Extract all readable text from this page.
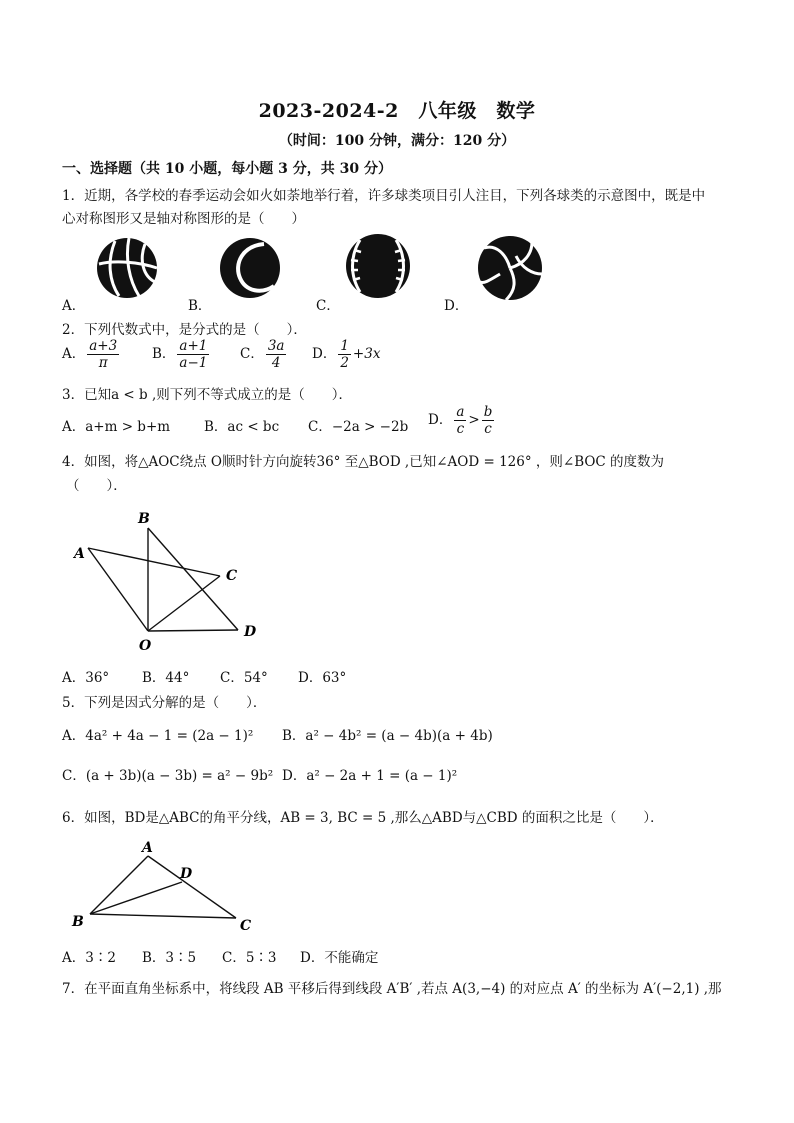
2023-2024-2　八年级　数学
（时间：100 分钟，满分：120 分）
一、选择题（共 10 小题，每小题 3 分，共 30 分）
1．近期，各学校的春季运动会如火如荼地举行着，许多球类项目引人注目，下列各球类的示意图中，既是中
心对称图形又是轴对称图形的是（　　）
A．	B．	C．	D．
2．下列代数式中，是分式的是（　　）．
A． $\frac{a+3}{\pi}$ B． $\frac{a+1}{a-1}$ C． $\frac{3a}{4}$ D． $\frac{1}{2} +3x$
3．已知a < b ,则下列不等式成立的是（　　）．
A．a+m > b+m	B．ac < bc C．−2a > −2b D． $\frac{a}{c} > \frac{b}{c}$
4．如图，将△AOC绕点 O顺时针方向旋转36° 至△BOD ,已知∠AOD = 126° ，则∠BOC 的度数为
（　　）．
A
B
C
O
D
A．36° B．44° C．54° D．63°
5．下列是因式分解的是（　　）．
A．4a² + 4a − 1 = (2a − 1)² B．a² − 4b² = (a − 4b)(a + 4b)
C．(a + 3b)(a − 3b) = a² − 9b² D．a² − 2a + 1 = (a − 1)²
6．如图，BD是△ABC的角平分线，AB = 3, BC = 5 ,那么△ABD与△CBD 的面积之比是（　　）．
A
D
B	C
A．3∶2 B．3∶5 C．5∶3 D．不能确定
7．在平面直角坐标系中，将线段 AB 平移后得到线段 A′B′ ,若点 A(3,−4) 的对应点 A′ 的坐标为 A′(−2,1) ,那
